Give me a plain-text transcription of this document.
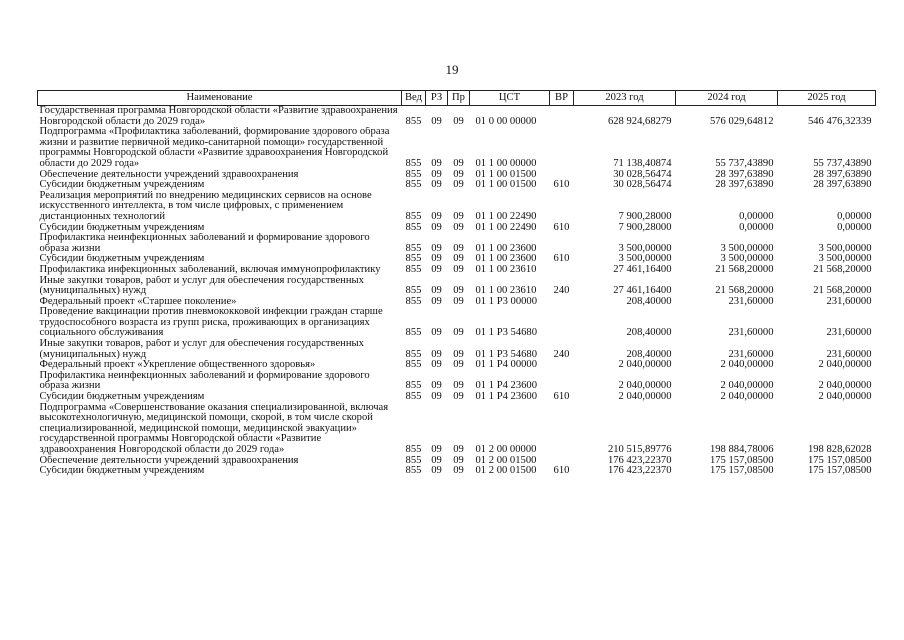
19
Наименование	Вед	РЗ	Пр	ЦСТ	ВР	2023 год	2024 год	2025 год
Государственная программа Новгородской области «Развитие здравоохранения Новгородской области до 2029 года»	855	09	09	01 0 00 00000		628 924,68279	576 029,64812	546 476,32339
Подпрограмма «Профилактика заболеваний, формирование здорового образа жизни и развитие первичной медико-санитарной помощи» государственной программы Новгородской области «Развитие здравоохранения Новгородской области до 2029 года»	855	09	09	01 1 00 00000		71 138,40874	55 737,43890	55 737,43890
Обеспечение деятельности учреждений здравоохранения	855	09	09	01 1 00 01500		30 028,56474	28 397,63890	28 397,63890
Субсидии бюджетным учреждениям	855	09	09	01 1 00 01500	610	30 028,56474	28 397,63890	28 397,63890
Реализация мероприятий по внедрению медицинских сервисов на основе искусственного интеллекта, в том числе цифровых, с применением дистанционных технологий	855	09	09	01 1 00 22490		7 900,28000	0,00000	0,00000
Субсидии бюджетным учреждениям	855	09	09	01 1 00 22490	610	7 900,28000	0,00000	0,00000
Профилактика неинфекционных заболеваний и формирование здорового образа жизни	855	09	09	01 1 00 23600		3 500,00000	3 500,00000	3 500,00000
Субсидии бюджетным учреждениям	855	09	09	01 1 00 23600	610	3 500,00000	3 500,00000	3 500,00000
Профилактика инфекционных заболеваний, включая иммунопрофилактику	855	09	09	01 1 00 23610		27 461,16400	21 568,20000	21 568,20000
Иные закупки товаров, работ и услуг для обеспечения государственных (муниципальных) нужд	855	09	09	01 1 00 23610	240	27 461,16400	21 568,20000	21 568,20000
Федеральный проект «Старшее поколение»	855	09	09	01 1 P3 00000		208,40000	231,60000	231,60000
Проведение вакцинации против пневмококковой инфекции граждан старше трудоспособного возраста из групп риска, проживающих в организациях социального обслуживания	855	09	09	01 1 P3 54680		208,40000	231,60000	231,60000
Иные закупки товаров, работ и услуг для обеспечения государственных (муниципальных) нужд	855	09	09	01 1 P3 54680	240	208,40000	231,60000	231,60000
Федеральный проект «Укрепление общественного здоровья»	855	09	09	01 1 P4 00000		2 040,00000	2 040,00000	2 040,00000
Профилактика неинфекционных заболеваний и формирование здорового образа жизни	855	09	09	01 1 P4 23600		2 040,00000	2 040,00000	2 040,00000
Субсидии бюджетным учреждениям	855	09	09	01 1 P4 23600	610	2 040,00000	2 040,00000	2 040,00000
Подпрограмма «Совершенствование оказания специализированной, включая высокотехнологичную, медицинской помощи, скорой, в том числе скорой специализированной, медицинской помощи, медицинской эвакуации» государственной программы Новгородской области «Развитие здравоохранения Новгородской области до 2029 года»	855	09	09	01 2 00 00000		210 515,89776	198 884,78006	198 828,62028
Обеспечение деятельности учреждений здравоохранения	855	09	09	01 2 00 01500		176 423,22370	175 157,08500	175 157,08500
Субсидии бюджетным учреждениям	855	09	09	01 2 00 01500	610	176 423,22370	175 157,08500	175 157,08500
